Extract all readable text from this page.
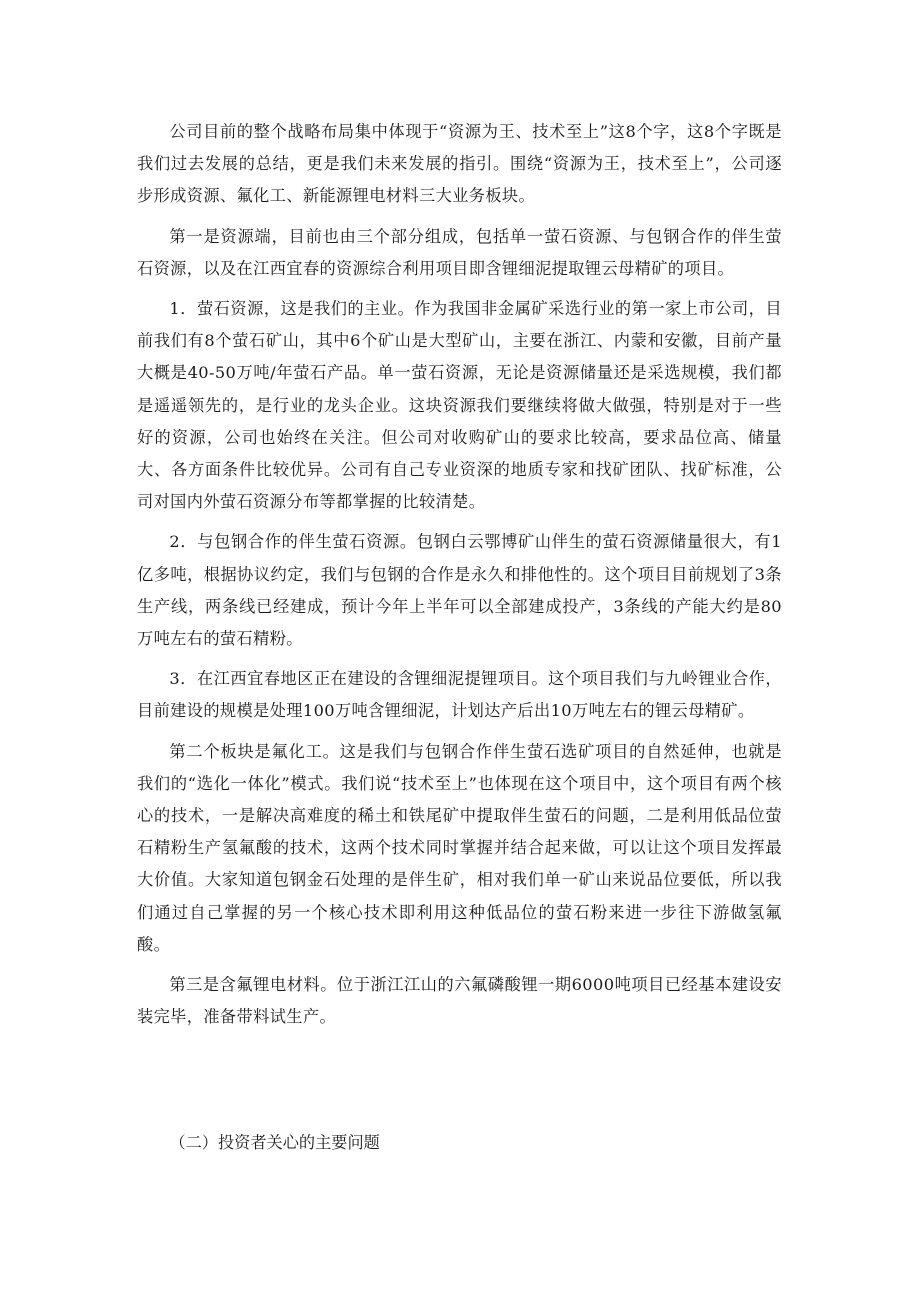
公司目前的整个战略布局集中体现于“资源为王、技术至上”这8个字，这8个字既是我们过去发展的总结，更是我们未来发展的指引。围绕“资源为王，技术至上”，公司逐步形成资源、氟化工、新能源锂电材料三大业务板块。

第一是资源端，目前也由三个部分组成，包括单一萤石资源、与包钢合作的伴生萤石资源，以及在江西宜春的资源综合利用项目即含锂细泥提取锂云母精矿的项目。

1．萤石资源，这是我们的主业。作为我国非金属矿采选行业的第一家上市公司，目前我们有8个萤石矿山，其中6个矿山是大型矿山，主要在浙江、内蒙和安徽，目前产量大概是40-50万吨/年萤石产品。单一萤石资源，无论是资源储量还是采选规模，我们都是遥遥领先的，是行业的龙头企业。这块资源我们要继续将做大做强，特别是对于一些好的资源，公司也始终在关注。但公司对收购矿山的要求比较高，要求品位高、储量大、各方面条件比较优异。公司有自己专业资深的地质专家和找矿团队、找矿标准，公司对国内外萤石资源分布等都掌握的比较清楚。

2．与包钢合作的伴生萤石资源。包钢白云鄂博矿山伴生的萤石资源储量很大，有1亿多吨，根据协议约定，我们与包钢的合作是永久和排他性的。这个项目目前规划了3条生产线，两条线已经建成，预计今年上半年可以全部建成投产，3条线的产能大约是80万吨左右的萤石精粉。

3．在江西宜春地区正在建设的含锂细泥提锂项目。这个项目我们与九岭锂业合作，目前建设的规模是处理100万吨含锂细泥，计划达产后出10万吨左右的锂云母精矿。

第二个板块是氟化工。这是我们与包钢合作伴生萤石选矿项目的自然延伸，也就是我们的“选化一体化”模式。我们说“技术至上”也体现在这个项目中，这个项目有两个核心的技术，一是解决高难度的稀土和铁尾矿中提取伴生萤石的问题，二是利用低品位萤石精粉生产氢氟酸的技术，这两个技术同时掌握并结合起来做，可以让这个项目发挥最大价值。大家知道包钢金石处理的是伴生矿，相对我们单一矿山来说品位要低，所以我们通过自己掌握的另一个核心技术即利用这种低品位的萤石粉来进一步往下游做氢氟酸。

第三是含氟锂电材料。位于浙江江山的六氟磷酸锂一期6000吨项目已经基本建设安装完毕，准备带料试生产。

（二）投资者关心的主要问题
